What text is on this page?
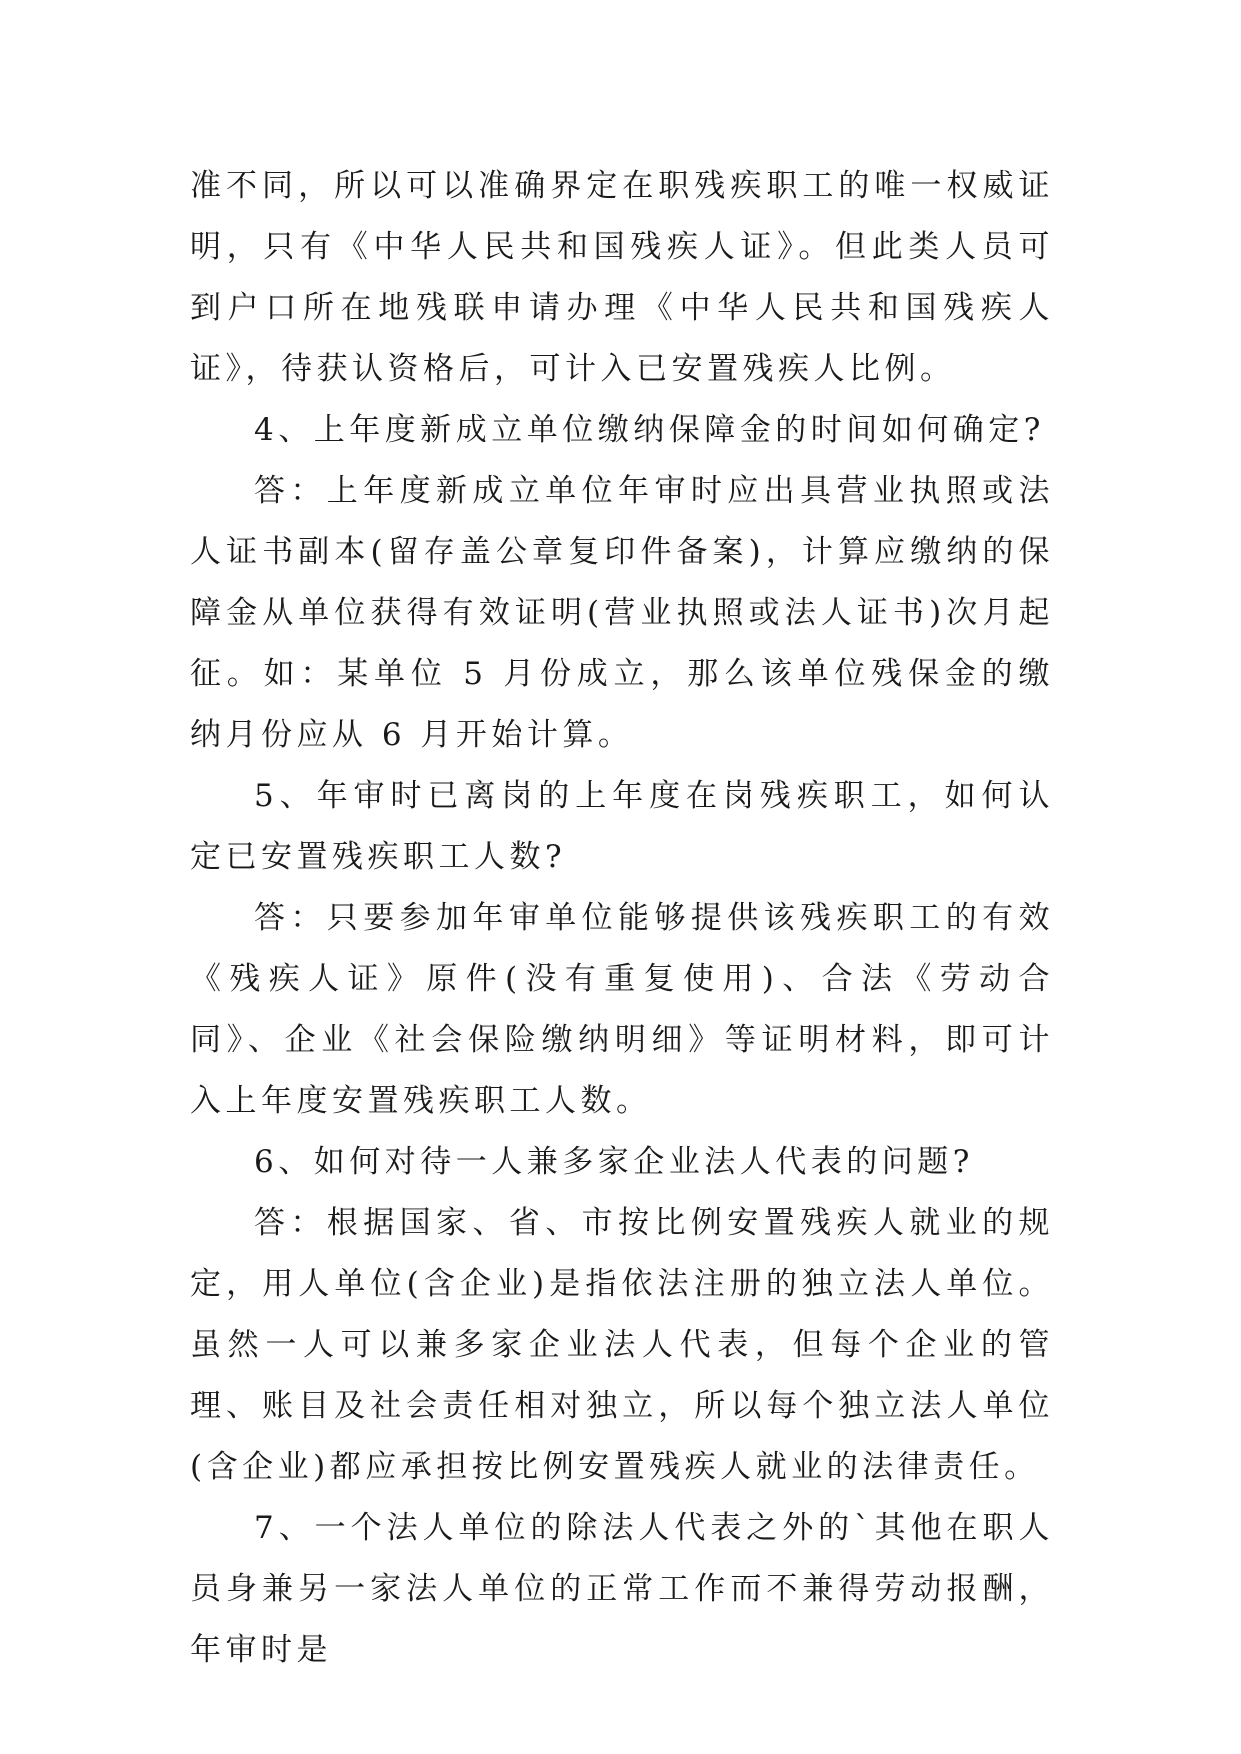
准不同，所以可以准确界定在职残疾职工的唯一权威证明，只有《中华人民共和国残疾人证》。但此类人员可到户口所在地残联申请办理《中华人民共和国残疾人证》，待获认资格后，可计入已安置残疾人比例。

4、上年度新成立单位缴纳保障金的时间如何确定?

答：上年度新成立单位年审时应出具营业执照或法人证书副本(留存盖公章复印件备案)，计算应缴纳的保障金从单位获得有效证明(营业执照或法人证书)次月起征。如：某单位 5 月份成立，那么该单位残保金的缴纳月份应从 6 月开始计算。

5、年审时已离岗的上年度在岗残疾职工，如何认定已安置残疾职工人数?

答：只要参加年审单位能够提供该残疾职工的有效《残疾人证》原件(没有重复使用)、合法《劳动合同》、企业《社会保险缴纳明细》等证明材料，即可计入上年度安置残疾职工人数。

6、如何对待一人兼多家企业法人代表的问题?

答：根据国家、省、市按比例安置残疾人就业的规定，用人单位(含企业)是指依法注册的独立法人单位。虽然一人可以兼多家企业法人代表，但每个企业的管理、账目及社会责任相对独立，所以每个独立法人单位(含企业)都应承担按比例安置残疾人就业的法律责任。

7、一个法人单位的除法人代表之外的`其他在职人员身兼另一家法人单位的正常工作而不兼得劳动报酬，年审时是
